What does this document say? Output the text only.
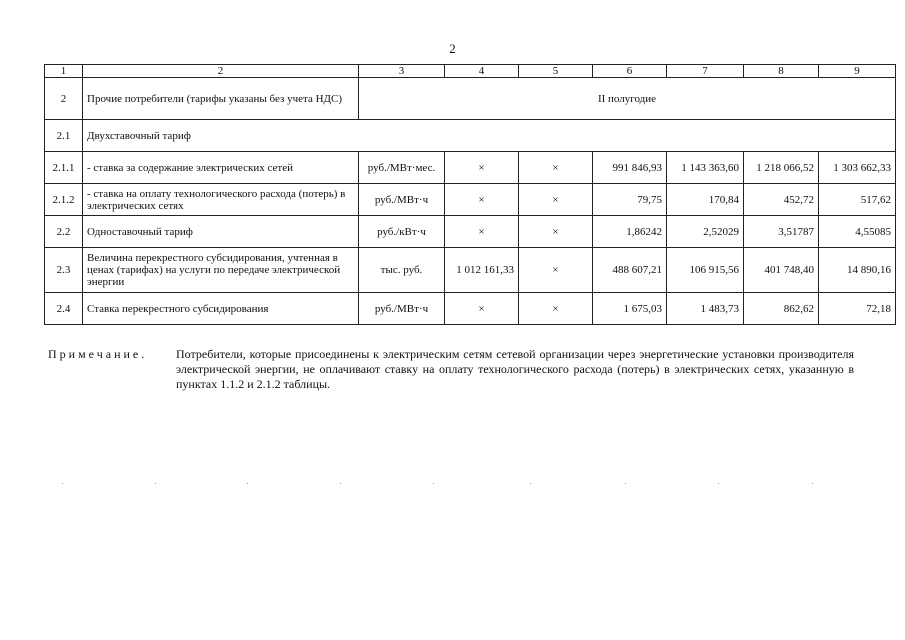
2
1	2	3	4	5	6	7	8	9
2	Прочие потребители (тарифы указаны без учета НДС)	II полугодие						
2.1	Двухставочный тариф							
2.1.1	- ставка за содержание электрических сетей	руб./МВт·мес.	×	×	991 846,93	1 143 363,60	1 218 066,52	1 303 662,33
2.1.2	- ставка на оплату технологического расхода (потерь) в электрических сетях	руб./МВт·ч	×	×	79,75	170,84	452,72	517,62
2.2	Одноставочный тариф	руб./кВт·ч	×	×	1,86242	2,52029	3,51787	4,55085
2.3	Величина перекрестного субсидирования, учтенная в ценах (тарифах) на услуги по передаче электрической энергии	тыс. руб.	1 012 161,33	×	488 607,21	106 915,56	401 748,40	14 890,16
2.4	Ставка перекрестного субсидирования	руб./МВт·ч	×	×	1 675,03	1 483,73	862,62	72,18
Примечание. Потребители, которые присоединены к электрическим сетям сетевой организации через энергетические установки производителя электрической энергии, не оплачивают ставку на оплату технологического расхода (потерь) в электрических сетях, указанную в пунктах 1.1.2 и 2.1.2 таблицы.
